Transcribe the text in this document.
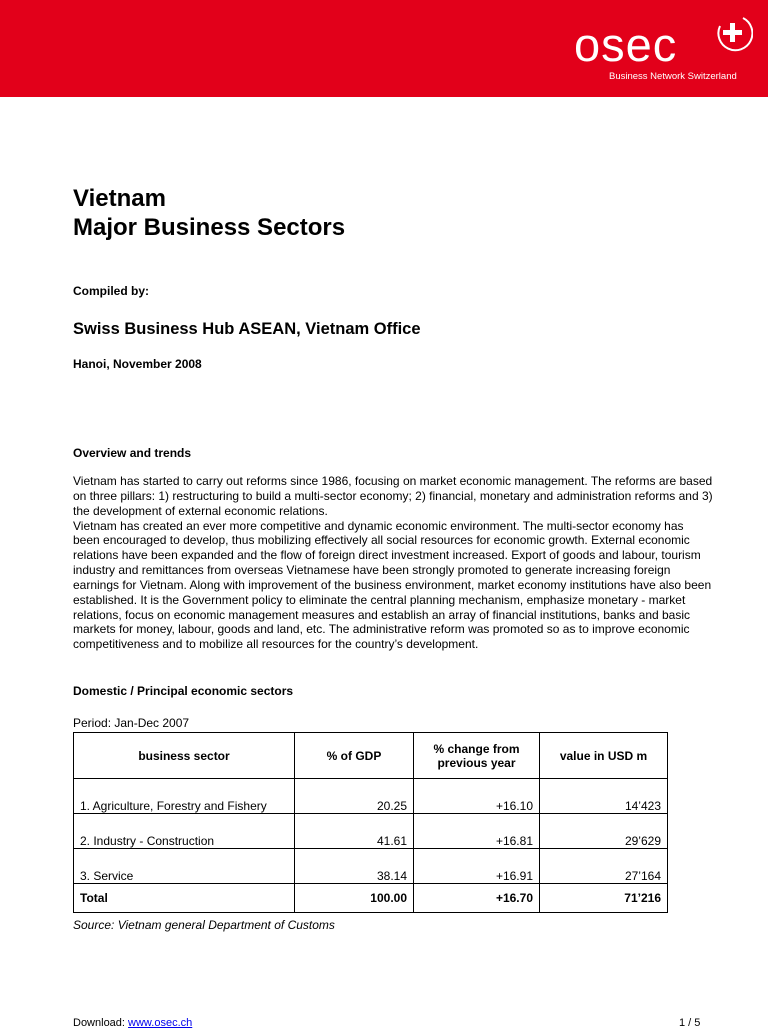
osec
Business Network Switzerland
Vietnam
Major Business Sectors

Compiled by:

Swiss Business Hub ASEAN, Vietnam Office

Hanoi, November 2008

Overview and trends

Vietnam has started to carry out reforms since 1986, focusing on market economic management. The reforms are based on three pillars: 1) restructuring to build a multi-sector economy; 2) financial, monetary and administration reforms and 3) the development of external economic relations.

Vietnam has created an ever more competitive and dynamic economic environment. The multi-sector economy has been encouraged to develop, thus mobilizing effectively all social resources for economic growth. External economic relations have been expanded and the flow of foreign direct investment increased. Export of goods and labour, tourism industry and remittances from overseas Vietnamese have been strongly promoted to generate increasing foreign earnings for Vietnam. Along with improvement of the business environment, market economy institutions have also been established. It is the Government policy to eliminate the central planning mechanism, emphasize monetary - market relations, focus on economic management measures and establish an array of financial institutions, banks and basic markets for money, labour, goods and land, etc. The administrative reform was promoted so as to improve economic competitiveness and to mobilize all resources for the country’s development.

Domestic / Principal economic sectors

Period: Jan-Dec 2007

business sector	% of GDP	% change from previous year	value in USD m
1. Agriculture, Forestry and Fishery	20.25	+16.10	14’423
2. Industry - Construction	41.61	+16.81	29’629
3. Service	38.14	+16.91	27’164
Total	100.00	+16.70	71’216

Source: Vietnam general Department of Customs

Download: www.osec.ch	1 / 5
